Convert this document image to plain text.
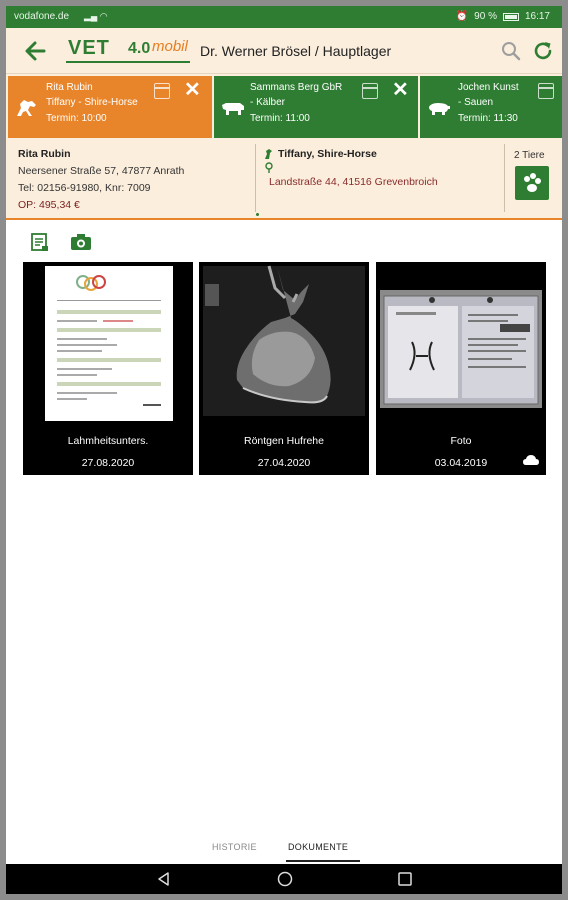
vodafone.de ▂▄ ◠	⏰ 90 %	16:17
VET 4.0 mobil Dr. Werner Brösel / Hauptlager
Rita Rubin
Tiffany - Shire-Horse
Termin: 10:00
✕	Sammans Berg GbR
- Kälber
Termin: 11:00
✕	Jochen Kunst
- Sauen
Termin: 11:30
Rita Rubin
Neersener Straße 57, 47877 Anrath
Tel: 02156-91980, Knr: 7009
OP: 495,34 €
Tiffany, Shire-Horse
Landstraße 44, 41516 Grevenbroich
2 Tiere
Lahmheitsunters.
27.08.2020
Röntgen Hufrehe
27.04.2020
Foto
03.04.2019
HISTORIE	DOKUMENTE
